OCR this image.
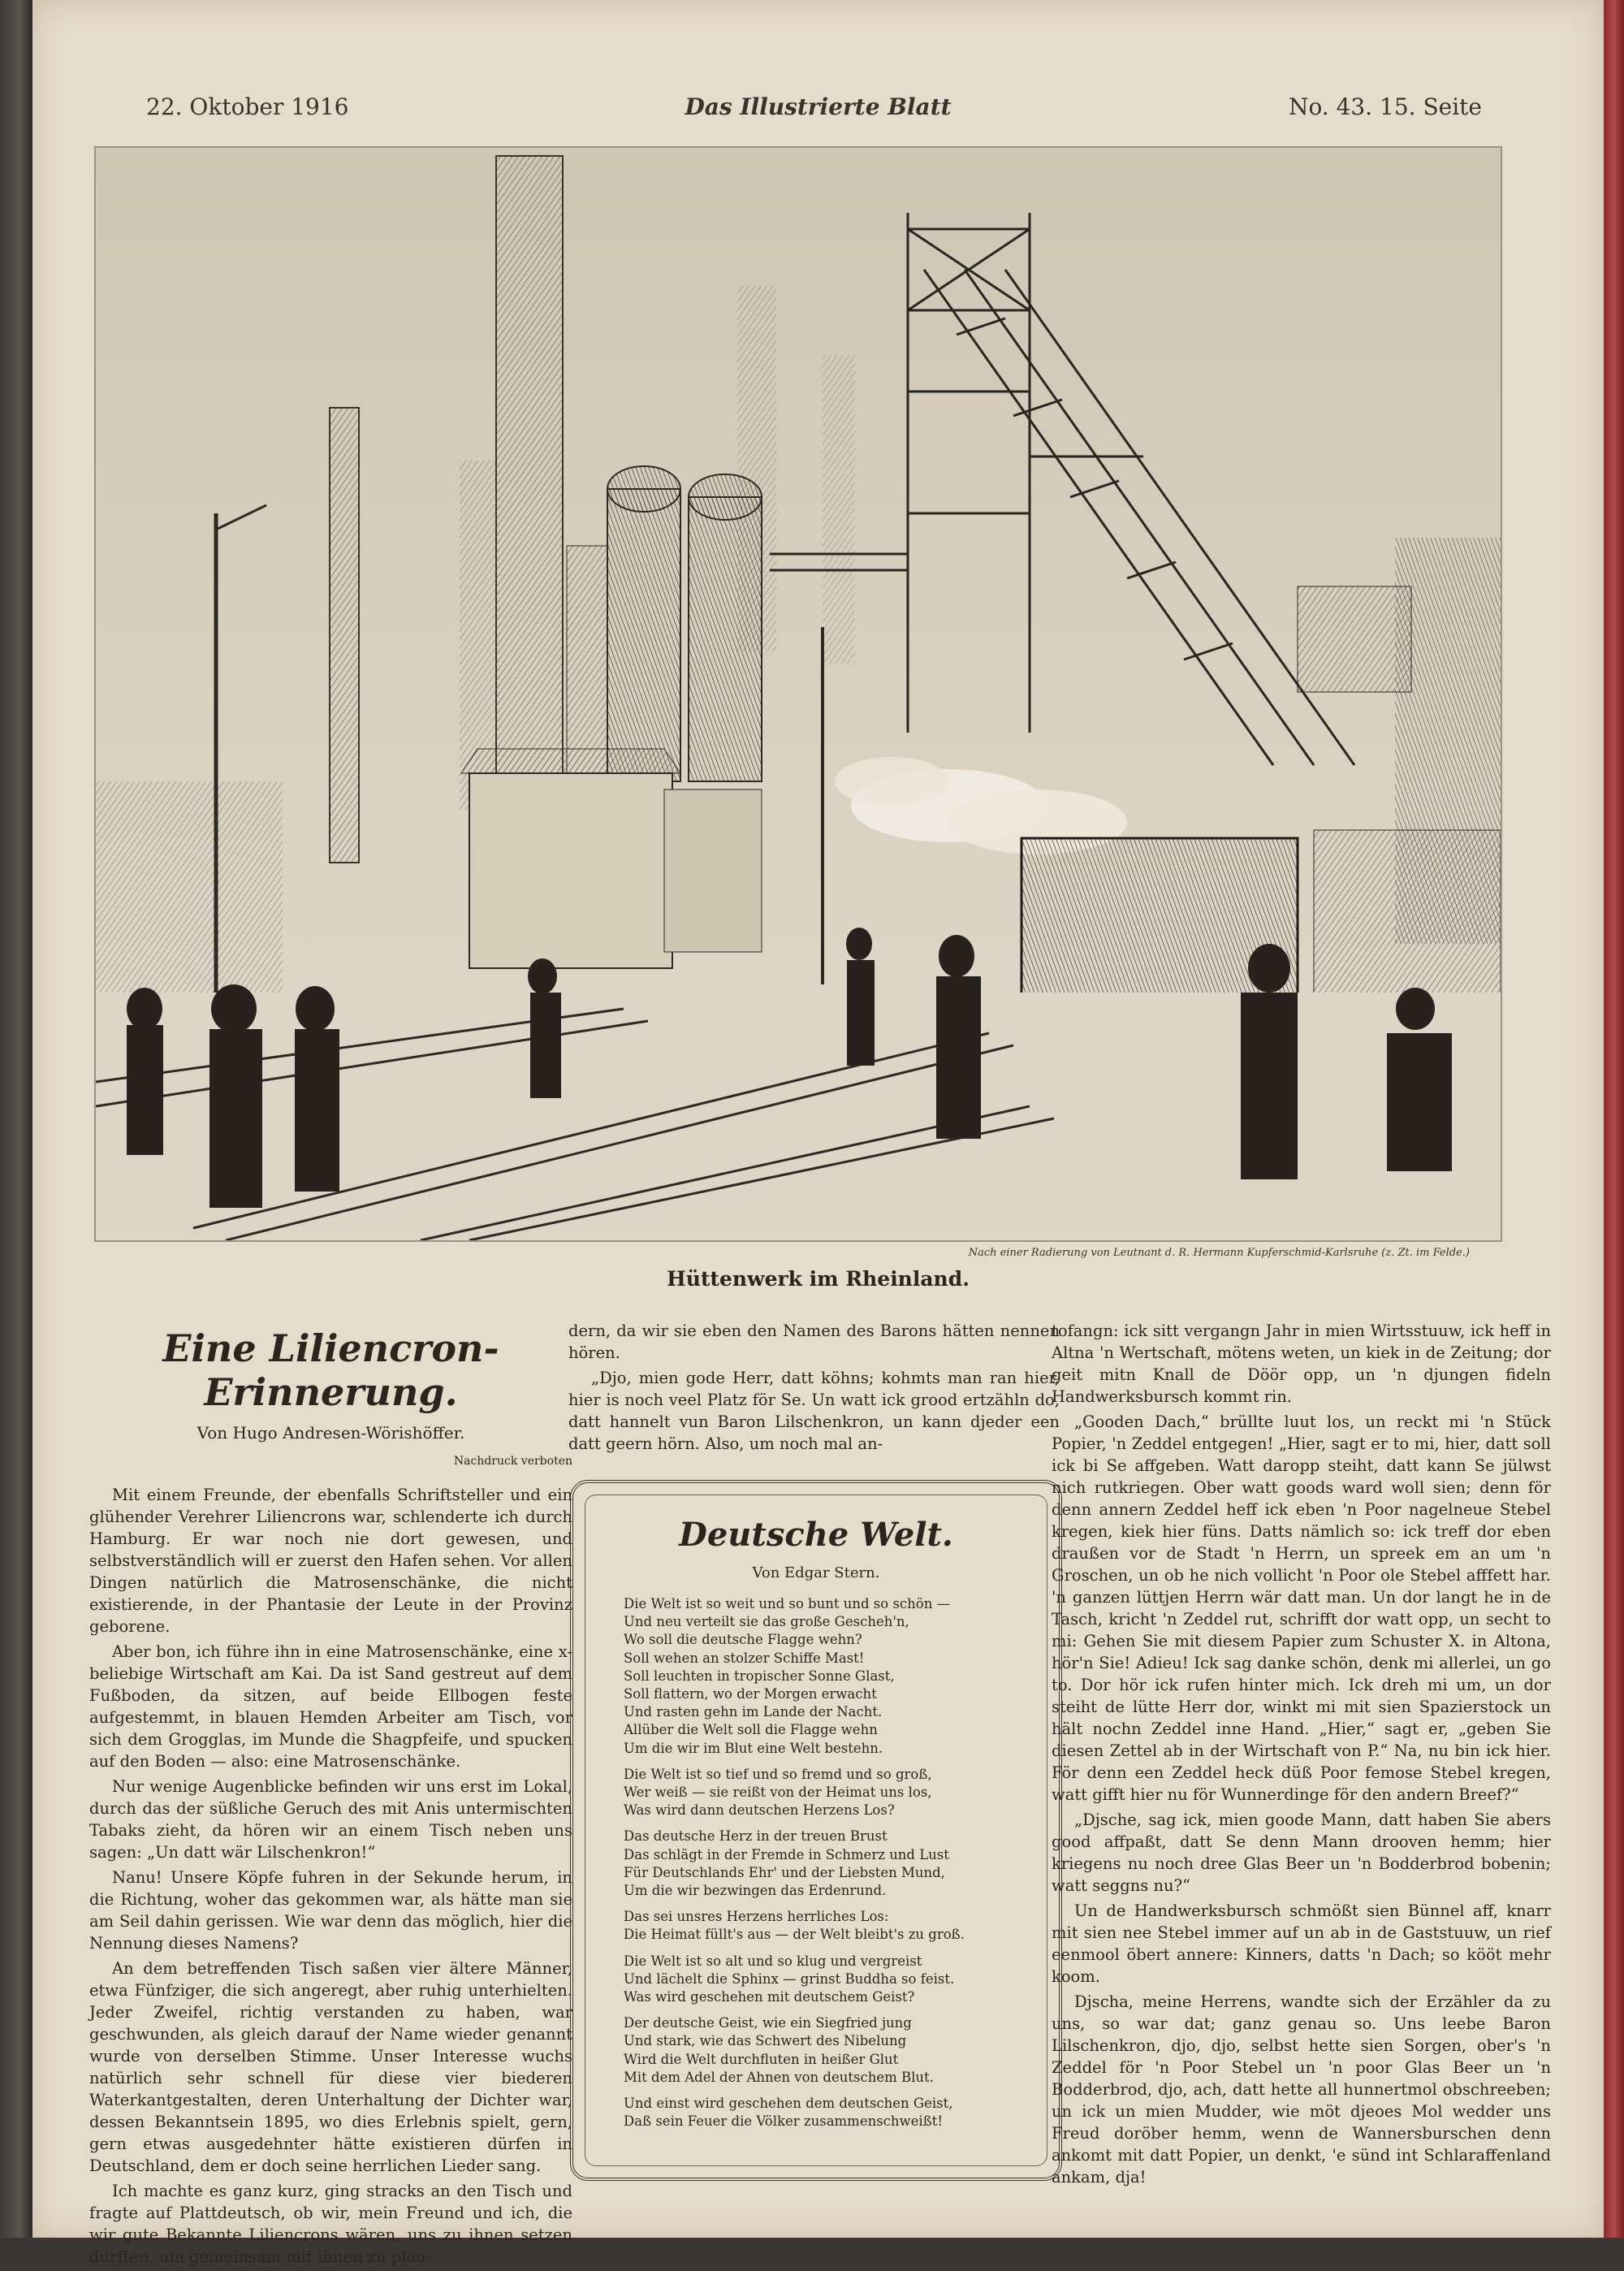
22. Oktober 1916	Das Illustrierte Blatt	No. 43. 15. Seite
Nach einer Radierung von Leutnant d. R. Hermann Kupferschmid-Karlsruhe (z. Zt. im Felde.)
Hüttenwerk im Rheinland.
Eine Liliencron-Erinnerung.
Von Hugo Andresen-Wörishöffer.
Nachdruck verboten

Mit einem Freunde, der ebenfalls Schriftsteller und ein glühender Verehrer Liliencrons war, schlenderte ich durch Hamburg. Er war noch nie dort gewesen, und selbstverständlich will er zuerst den Hafen sehen. Vor allen Dingen natürlich die Matrosenschänke, die nicht existierende, in der Phantasie der Leute in der Provinz geborene.

Aber bon, ich führe ihn in eine Matrosenschänke, eine x-beliebige Wirtschaft am Kai. Da ist Sand gestreut auf dem Fußboden, da sitzen, auf beide Ellbogen feste aufgestemmt, in blauen Hemden Arbeiter am Tisch, vor sich dem Grogglas, im Munde die Shagpfeife, und spucken auf den Boden — also: eine Matrosenschänke.

Nur wenige Augenblicke befinden wir uns erst im Lokal, durch das der süßliche Geruch des mit Anis untermischten Tabaks zieht, da hören wir an einem Tisch neben uns sagen: „Un datt wär Lilschenkron!“

Nanu! Unsere Köpfe fuhren in der Sekunde herum, in die Richtung, woher das gekommen war, als hätte man sie am Seil dahin gerissen. Wie war denn das möglich, hier die Nennung dieses Namens?

An dem betreffenden Tisch saßen vier ältere Männer, etwa Fünfziger, die sich angeregt, aber ruhig unterhielten. Jeder Zweifel, richtig verstanden zu haben, war geschwunden, als gleich darauf der Name wieder genannt wurde von derselben Stimme. Unser Interesse wuchs natürlich sehr schnell für diese vier biederen Waterkantgestalten, deren Unterhaltung der Dichter war, dessen Bekanntsein 1895, wo dies Erlebnis spielt, gern, gern etwas ausgedehnter hätte existieren dürfen in Deutschland, dem er doch seine herrlichen Lieder sang.

Ich machte es ganz kurz, ging stracks an den Tisch und fragte auf Plattdeutsch, ob wir, mein Freund und ich, die wir gute Bekannte Liliencrons wären, uns zu ihnen setzen dürften, um gemeinsam mit ihnen zu plau-

dern, da wir sie eben den Namen des Barons hätten nennen hören.

„Djo, mien gode Herr, datt köhns; kohmts man ran hier, hier is noch veel Platz för Se. Un watt ick grood ertzähln do, datt hannelt vun Baron Lilschenkron, un kann djeder een datt geern hörn. Also, um noch mal an-

Deutsche Welt.
Von Edgar Stern.
Die Welt ist so weit und so bunt und so schön —
Und neu verteilt sie das große Gescheh'n,
Wo soll die deutsche Flagge wehn?
Soll wehen an stolzer Schiffe Mast!
Soll leuchten in tropischer Sonne Glast,
Soll flattern, wo der Morgen erwacht
Und rasten gehn im Lande der Nacht.
Allüber die Welt soll die Flagge wehn
Um die wir im Blut eine Welt bestehn.
Die Welt ist so tief und so fremd und so groß,
Wer weiß — sie reißt von der Heimat uns los,
Was wird dann deutschen Herzens Los?
Das deutsche Herz in der treuen Brust
Das schlägt in der Fremde in Schmerz und Lust
Für Deutschlands Ehr' und der Liebsten Mund,
Um die wir bezwingen das Erdenrund.
Das sei unsres Herzens herrliches Los:
Die Heimat füllt's aus — der Welt bleibt's zu groß.
Die Welt ist so alt und so klug und vergreist
Und lächelt die Sphinx — grinst Buddha so feist.
Was wird geschehen mit deutschem Geist?
Der deutsche Geist, wie ein Siegfried jung
Und stark, wie das Schwert des Nibelung
Wird die Welt durchfluten in heißer Glut
Mit dem Adel der Ahnen von deutschem Blut.
Und einst wird geschehen dem deutschen Geist,
Daß sein Feuer die Völker zusammenschweißt!

tofangn: ick sitt vergangn Jahr in mien Wirtsstuuw, ick heff in Altna 'n Wertschaft, mötens weten, un kiek in de Zeitung; dor geit mitn Knall de Döör opp, un 'n djungen fideln Handwerksbursch kommt rin.

„Gooden Dach,“ brüllte luut los, un reckt mi 'n Stück Popier, 'n Zeddel entgegen! „Hier, sagt er to mi, hier, datt soll ick bi Se affgeben. Watt daropp steiht, datt kann Se jülwst nich rutkriegen. Ober watt goods ward woll sien; denn för denn annern Zeddel heff ick eben 'n Poor nagelneue Stebel kregen, kiek hier füns. Datts nämlich so: ick treff dor eben draußen vor de Stadt 'n Herrn, un spreek em an um 'n Groschen, un ob he nich vollicht 'n Poor ole Stebel afffett har. 'n ganzen lüttjen Herrn wär datt man. Un dor langt he in de Tasch, kricht 'n Zeddel rut, schrifft dor watt opp, un secht to mi: Gehen Sie mit diesem Papier zum Schuster X. in Altona, hör'n Sie! Adieu! Ick sag danke schön, denk mi allerlei, un go to. Dor hör ick rufen hinter mich. Ick dreh mi um, un dor steiht de lütte Herr dor, winkt mi mit sien Spazierstock un hält nochn Zeddel inne Hand. „Hier,“ sagt er, „geben Sie diesen Zettel ab in der Wirtschaft von P.“ Na, nu bin ick hier. För denn een Zeddel heck düß Poor femose Stebel kregen, watt gifft hier nu för Wunnerdinge för den andern Breef?“

„Djsche, sag ick, mien goode Mann, datt haben Sie abers good affpaßt, datt Se denn Mann drooven hemm; hier kriegens nu noch dree Glas Beer un 'n Bodderbrod bobenin; watt seggns nu?“

Un de Handwerksbursch schmößt sien Bünnel aff, knarr mit sien nee Stebel immer auf un ab in de Gaststuuw, un rief eenmool öbert annere: Kinners, datts 'n Dach; so kööt mehr koom.

Djscha, meine Herrens, wandte sich der Erzähler da zu uns, so war dat; ganz genau so. Uns leebe Baron Lilschenkron, djo, djo, selbst hette sien Sorgen, ober's 'n Zeddel för 'n Poor Stebel un 'n poor Glas Beer un 'n Bodderbrod, djo, ach, datt hette all hunnertmol obschreeben; un ick un mien Mudder, wie möt djeoes Mol wedder uns Freud doröber hemm, wenn de Wannersburschen denn ankomt mit datt Popier, un denkt, 'e sünd int Schlaraffenland ankam, dja!
